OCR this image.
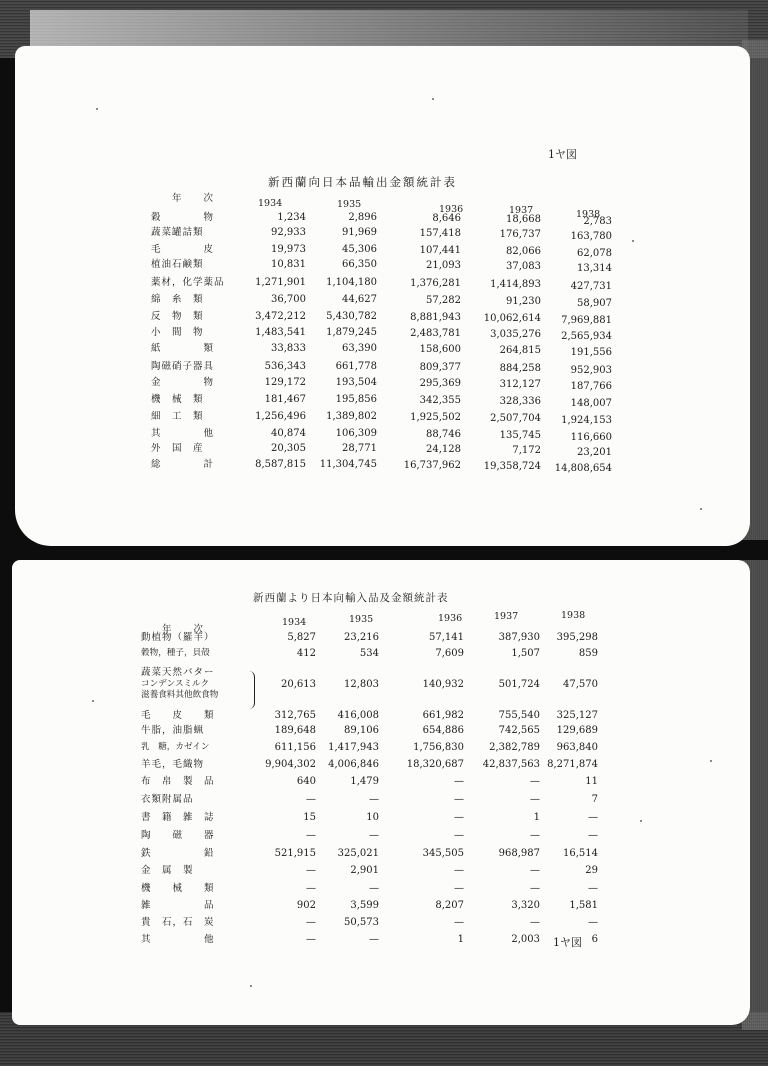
1ヤ図
新西蘭向日本品輸出金額統計表
年　　次	1934	1935	1936	1937	1938
穀　　　　物	1,234	2,896	8,646	18,668	2,783
蔬菜罐詰類	92,933	91,969	157,418	176,737	163,780
毛　　　　皮	19,973	45,306	107,441	82,066	62,078
植油石鹸類	10,831	66,350	21,093	37,083	13,314
薬材，化学薬品	1,271,901 1,104,180	1,376,281	1,414,893	427,731
綿　糸　類	36,700	44,627	57,282	91,230	58,907
反　物　類	3,472,212 5,430,782	8,881,943 10,062,614 7,969,881
小　間　物	1,483,541 1,879,245	2,483,781	3,035,276 2,565,934
紙　　　　類	33,833	63,390	158,600	264,815	191,556
陶磁硝子器具	536,343	661,778	809,377	884,258	952,903
金　　　　物	129,172	193,504	295,369	312,127	187,766
機　械　類	181,467	195,856	342,355	328,336	148,007
細　工　類	1,256,496 1,389,802	1,925,502	2,507,704 1,924,153
其　　　　他	40,874	106,309	88,746	135,745	116,660
外　国　産	20,305	28,771	24,128	7,172	23,201
総　　　　計	8,587,815 11,304,745	16,737,962 19,358,724 14,808,654
新西蘭より日本向輸入品及金額統計表
年　　次
1ヤ図
1934	1935	1936	1937	1938
動植物（羅羊）	5,827	23,216	57,141	387,930 395,298
穀物，種子，貝殻	412	534	7,609	1,507	859
蔬菜天然バター
コンデンスミルク	20,613	12,803	140,932	501,724 47,570
滋養食料其他飲食物
毛　　皮　　類	312,765 416,008	661,982	755,540 325,127
牛脂，油脂蝋	189,648	89,106	654,886	742,565 129,689
乳　糖，カゼイン	611,156 1,417,943	1,756,830	2,382,789 963,840
羊毛，毛織物	9,904,302 4,006,846	18,320,687 42,837,563 8,271,874
布　帛　製　品	640	1,479	—	—	11
衣類附属品	—	—	—	—	7
書　籍　雑　誌	15	10	—	1	—
陶　　磁　　器	—	—	—	—	—
鉄　　　　　鉛	521,915 325,021	345,505	968,987 16,514
金　属　製	—	2,901	—	—	29
機　　械　　類	—	—	—	—	—
雑　　　　　品	902	3,599	8,207	3,320	1,581
貴　石，石　炭	—	50,573	—	—	—
其　　　　　他	—	—	1	2,003	6
